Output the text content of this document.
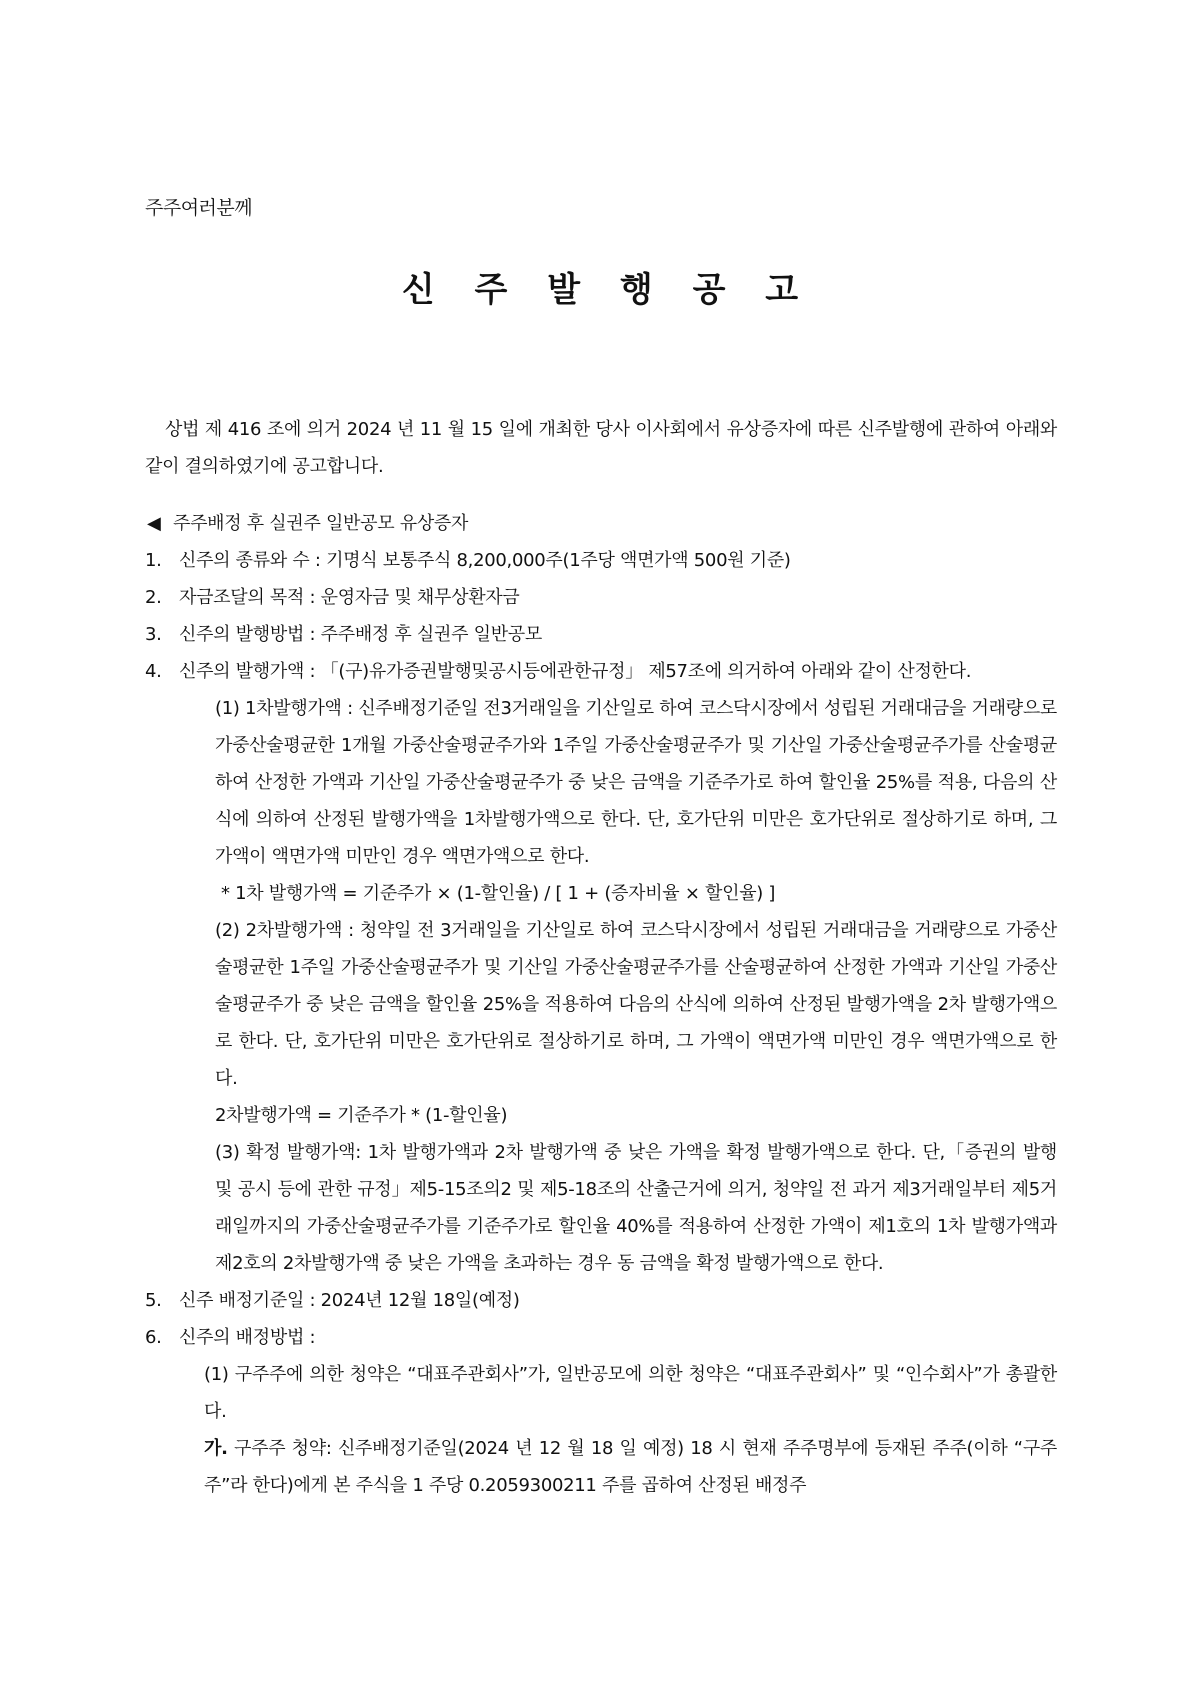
주주여러분께
신 주 발 행 공 고

상법 제 416 조에 의거 2024 년 11 월 15 일에 개최한 당사 이사회에서 유상증자에 따른 신주발행에 관하여 아래와 같이 결의하였기에 공고합니다.

◀ 주주배정 후 실권주 일반공모 유상증자

1. 신주의 종류와 수 : 기명식 보통주식 8,200,000주(1주당 액면가액 500원 기준)
2. 자금조달의 목적 : 운영자금 및 채무상환자금
3. 신주의 발행방법 : 주주배정 후 실권주 일반공모
4. 신주의 발행가액 : 「(구)유가증권발행및공시등에관한규정」 제57조에 의거하여 아래와 같이 산정한다.

(1) 1차발행가액 : 신주배정기준일 전3거래일을 기산일로 하여 코스닥시장에서 성립된 거래대금을 거래량으로 가중산술평균한 1개월 가중산술평균주가와 1주일 가중산술평균주가 및 기산일 가중산술평균주가를 산술평균하여 산정한 가액과 기산일 가중산술평균주가 중 낮은 금액을 기준주가로 하여 할인율 25%를 적용, 다음의 산식에 의하여 산정된 발행가액을 1차발행가액으로 한다. 단, 호가단위 미만은 호가단위로 절상하기로 하며, 그 가액이 액면가액 미만인 경우 액면가액으로 한다.

* 1차 발행가액 = 기준주가 × (1-할인율) / [ 1 + (증자비율 × 할인율) ]

(2) 2차발행가액 : 청약일 전 3거래일을 기산일로 하여 코스닥시장에서 성립된 거래대금을 거래량으로 가중산술평균한 1주일 가중산술평균주가 및 기산일 가중산술평균주가를 산술평균하여 산정한 가액과 기산일 가중산술평균주가 중 낮은 금액을 할인율 25%을 적용하여 다음의 산식에 의하여 산정된 발행가액을 2차 발행가액으로 한다. 단, 호가단위 미만은 호가단위로 절상하기로 하며, 그 가액이 액면가액 미만인 경우 액면가액으로 한다.

2차발행가액 = 기준주가 * (1-할인율)

(3) 확정 발행가액: 1차 발행가액과 2차 발행가액 중 낮은 가액을 확정 발행가액으로 한다. 단,「증권의 발행 및 공시 등에 관한 규정」제5-15조의2 및 제5-18조의 산출근거에 의거, 청약일 전 과거 제3거래일부터 제5거래일까지의 가중산술평균주가를 기준주가로 할인율 40%를 적용하여 산정한 가액이 제1호의 1차 발행가액과 제2호의 2차발행가액 중 낮은 가액을 초과하는 경우 동 금액을 확정 발행가액으로 한다.

5. 신주 배정기준일 : 2024년 12월 18일(예정)
6. 신주의 배정방법 :

(1) 구주주에 의한 청약은 “대표주관회사”가, 일반공모에 의한 청약은 “대표주관회사” 및 “인수회사”가 총괄한다.

가. 구주주 청약: 신주배정기준일(2024 년 12 월 18 일 예정) 18 시 현재 주주명부에 등재된 주주(이하 “구주주”라 한다)에게 본 주식을 1 주당 0.2059300211 주를 곱하여 산정된 배정주
